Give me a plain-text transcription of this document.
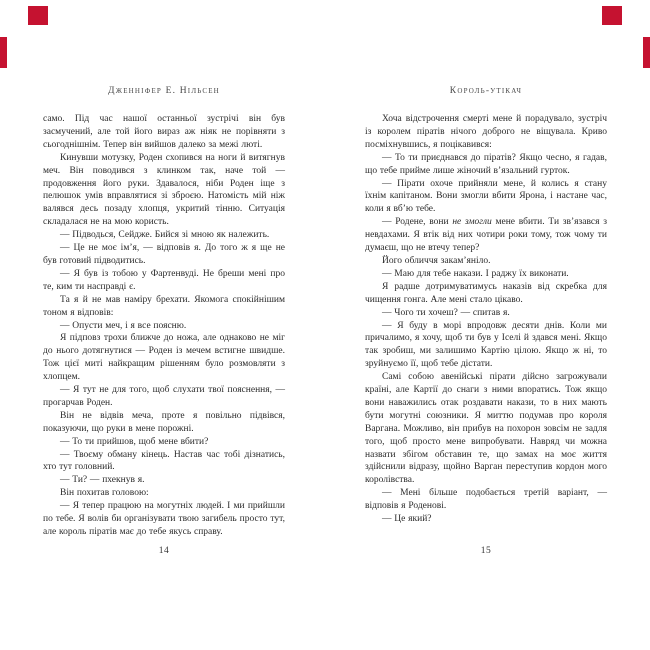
Дженніфер Е. Нільсен

само. Під час нашої останньої зустрічі він був засмучений, але той його вираз аж ніяк не порівняти з сьогоднішнім. Тепер він вийшов далеко за межі люті.

Кинувши мотузку, Роден схопився на ноги й витягнув меч. Він поводився з клинком так, наче той — продовження його руки. Здавалося, ніби Роден іще з пелюшок умів вправлятися зі зброєю. Натомість мій ніж валявся десь позаду хлопця, укритий тінню. Ситуація складалася не на мою користь.

— Підводься, Сейдже. Бийся зі мною як належить.

— Це не моє ім’я, — відповів я. До того ж я ще не був готовий підводитись.

— Я був із тобою у Фартенвуді. Не бреши мені про те, ким ти насправді є.

Та я й не мав наміру брехати. Якомога спокійнішим тоном я відповів:

— Опусти меч, і я все поясню.

Я підповз трохи ближче до ножа, але однаково не міг до нього дотягнутися — Роден із мечем встигне швидше. Тож цієї миті найкращим рішенням було розмовляти з хлопцем.

— Я тут не для того, щоб слухати твої пояснення, — прогарчав Роден.

Він не відвів меча, проте я повільно підвівся, показуючи, що руки в мене порожні.

— То ти прийшов, щоб мене вбити?

— Твоєму обману кінець. Настав час тобі дізнатись, хто тут головний.

— Ти? — пхекнув я.

Він похитав головою:

— Я тепер працюю на могутніх людей. І ми прийшли по тебе. Я волів би організувати твою загибель просто тут, але король піратів має до тебе якусь справу.

14
Король-утікач

Хоча відстрочення смерті мене й порадувало, зустріч із королем піратів нічого доброго не віщувала. Криво посміхнувшись, я поцікавився:

— То ти приєднався до піратів? Якщо чесно, я гадав, що тебе прийме лише жіночий в’язальний гурток.

— Пірати охоче прийняли мене, й колись я стану їхнім капітаном. Вони змогли вбити Ярона, і настане час, коли я вб’ю тебе.

— Родене, вони не змогли мене вбити. Ти зв’язався з невдахами. Я втік від них чотири роки тому, тож чому ти думаєш, що не втечу тепер?

Його обличчя закам’яніло.

— Маю для тебе накази. І раджу їх виконати.

Я радше дотримуватимусь наказів від скребка для чищення гонга. Але мені стало цікаво.

— Чого ти хочеш? — спитав я.

— Я буду в морі впродовж десяти днів. Коли ми причалимо, я хочу, щоб ти був у Іселі й здався мені. Якщо так зробиш, ми залишимо Картію цілою. Якщо ж ні, то зруйнуємо її, щоб тебе дістати.

Самі собою авенійські пірати дійсно загрожували країні, але Картії до снаги з ними впоратись. Тож якщо вони наважились отак роздавати накази, то в них мають бути могутні союзники. Я миттю подумав про короля Варгана. Можливо, він прибув на похорон зовсім не задля того, щоб просто мене випробувати. Навряд чи можна назвати збігом обставин те, що замах на моє життя здійснили відразу, щойно Варган переступив кордон мого королівства.

— Мені більше подобається третій варіант, — відповів я Роденові.

— Це який?

15
